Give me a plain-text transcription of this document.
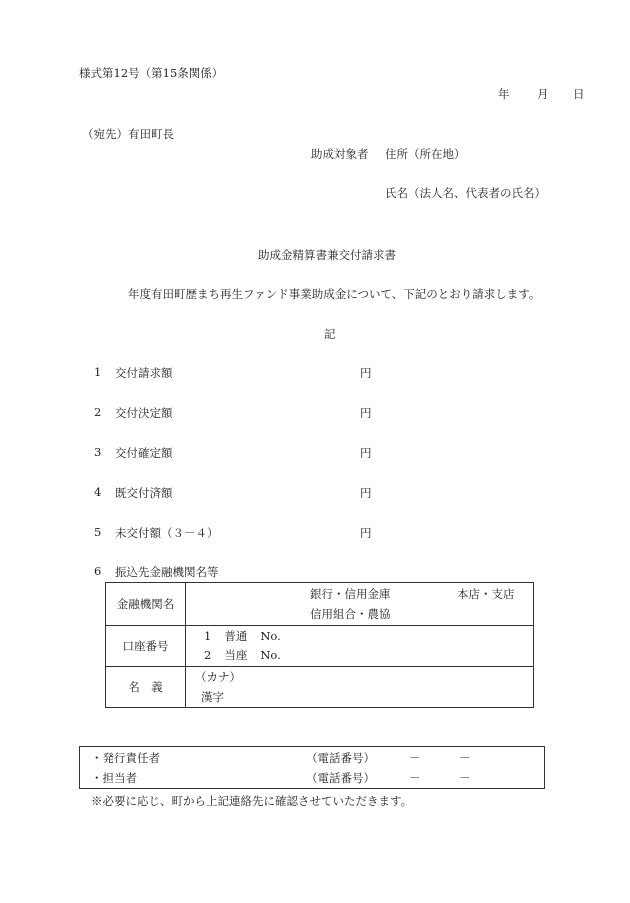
様式第12号（第15条関係）
年 月 日
（宛先）有田町長
助成対象者 住所（所在地）
氏名（法人名、代表者の氏名）
助成金精算書兼交付請求書
年度有田町歴まち再生ファンド事業助成金について、下記のとおり請求します。
記
1 交付請求額	円
2 交付決定額	円
3 交付確定額	円
4 既交付済額	円
5 未交付額（３－４）	円
6 振込先金融機関名等
金融機関名	銀行・信用金庫 本店・支店
信用組合・農協

口座番号	1 普通 No.
2 当座 No.

名　義	（カナ）
漢字
・発行責任者	（電話番号）	－	－
・担当者	（電話番号）	－	－
※必要に応じ、町から上記連絡先に確認させていただきます。
